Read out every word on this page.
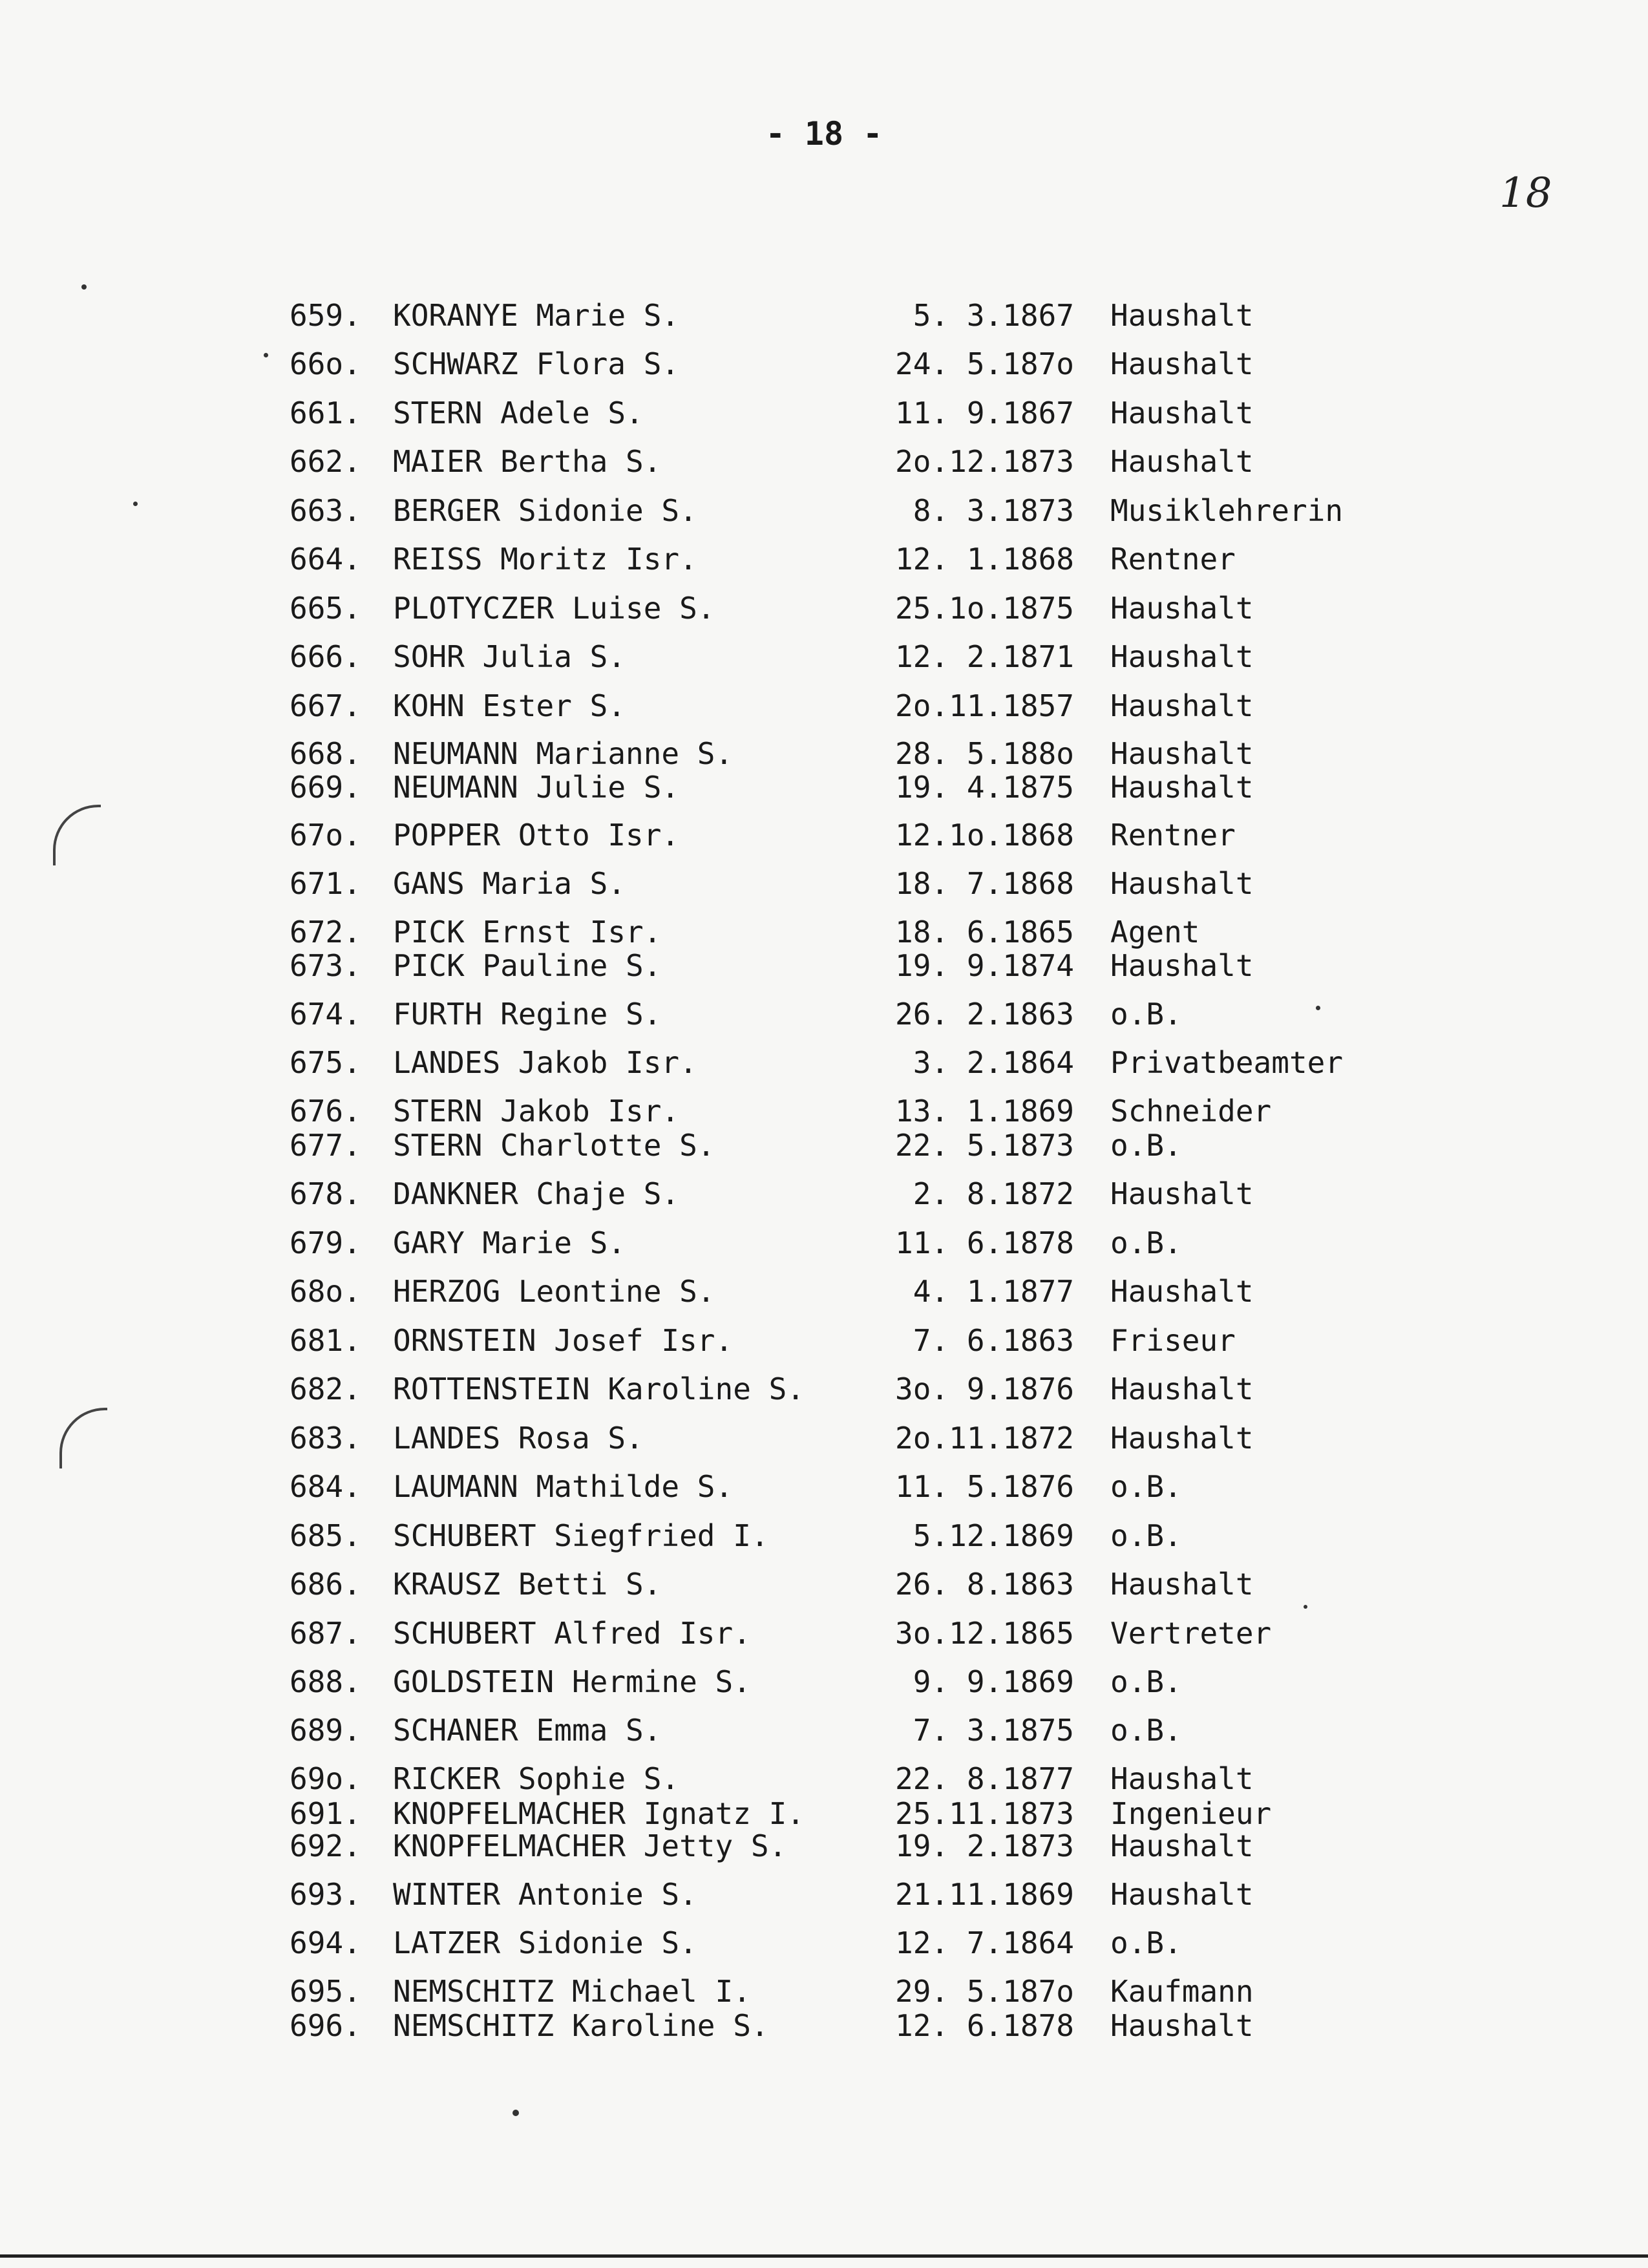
- 18 -
18
659. KORANYE Marie S.	5. 3.1867 Haushalt
66o. SCHWARZ Flora S.	24. 5.187o Haushalt
661. STERN Adele S.	11. 9.1867 Haushalt
662. MAIER Bertha S.	2o.12.1873 Haushalt
663. BERGER Sidonie S.	8. 3.1873 Musiklehrerin
664. REISS Moritz Isr.	12. 1.1868 Rentner
665. PLOTYCZER Luise S.	25.1o.1875 Haushalt
666. SOHR Julia S.	12. 2.1871 Haushalt
667. KOHN Ester S.	2o.11.1857 Haushalt
668. NEUMANN Marianne S.	28. 5.188o Haushalt
669. NEUMANN Julie S.	19. 4.1875 Haushalt
67o. POPPER Otto Isr.	12.1o.1868 Rentner
671. GANS Maria S.	18. 7.1868 Haushalt
672. PICK Ernst Isr.	18. 6.1865 Agent
673. PICK Pauline S.	19. 9.1874 Haushalt
674. FURTH Regine S.	26. 2.1863 o.B.
675. LANDES Jakob Isr.	3. 2.1864 Privatbeamter
676. STERN Jakob Isr.	13. 1.1869 Schneider
677. STERN Charlotte S.	22. 5.1873 o.B.
678. DANKNER Chaje S.	2. 8.1872 Haushalt
679. GARY Marie S.	11. 6.1878 o.B.
68o. HERZOG Leontine S.	4. 1.1877 Haushalt
681. ORNSTEIN Josef Isr.	7. 6.1863 Friseur
682. ROTTENSTEIN Karoline S.	3o. 9.1876 Haushalt
683. LANDES Rosa S.	2o.11.1872 Haushalt
684. LAUMANN Mathilde S.	11. 5.1876 o.B.
685. SCHUBERT Siegfried I.	5.12.1869 o.B.
686. KRAUSZ Betti S.	26. 8.1863 Haushalt
687. SCHUBERT Alfred Isr.	3o.12.1865 Vertreter
688. GOLDSTEIN Hermine S.	9. 9.1869 o.B.
689. SCHANER Emma S.	7. 3.1875 o.B.
69o. RICKER Sophie S.	22. 8.1877 Haushalt
691. KNOPFELMACHER Ignatz I.	25.11.1873 Ingenieur
692. KNOPFELMACHER Jetty S.	19. 2.1873 Haushalt
693. WINTER Antonie S.	21.11.1869 Haushalt
694. LATZER Sidonie S.	12. 7.1864 o.B.
695. NEMSCHITZ Michael I.	29. 5.187o Kaufmann
696. NEMSCHITZ Karoline S.	12. 6.1878 Haushalt
